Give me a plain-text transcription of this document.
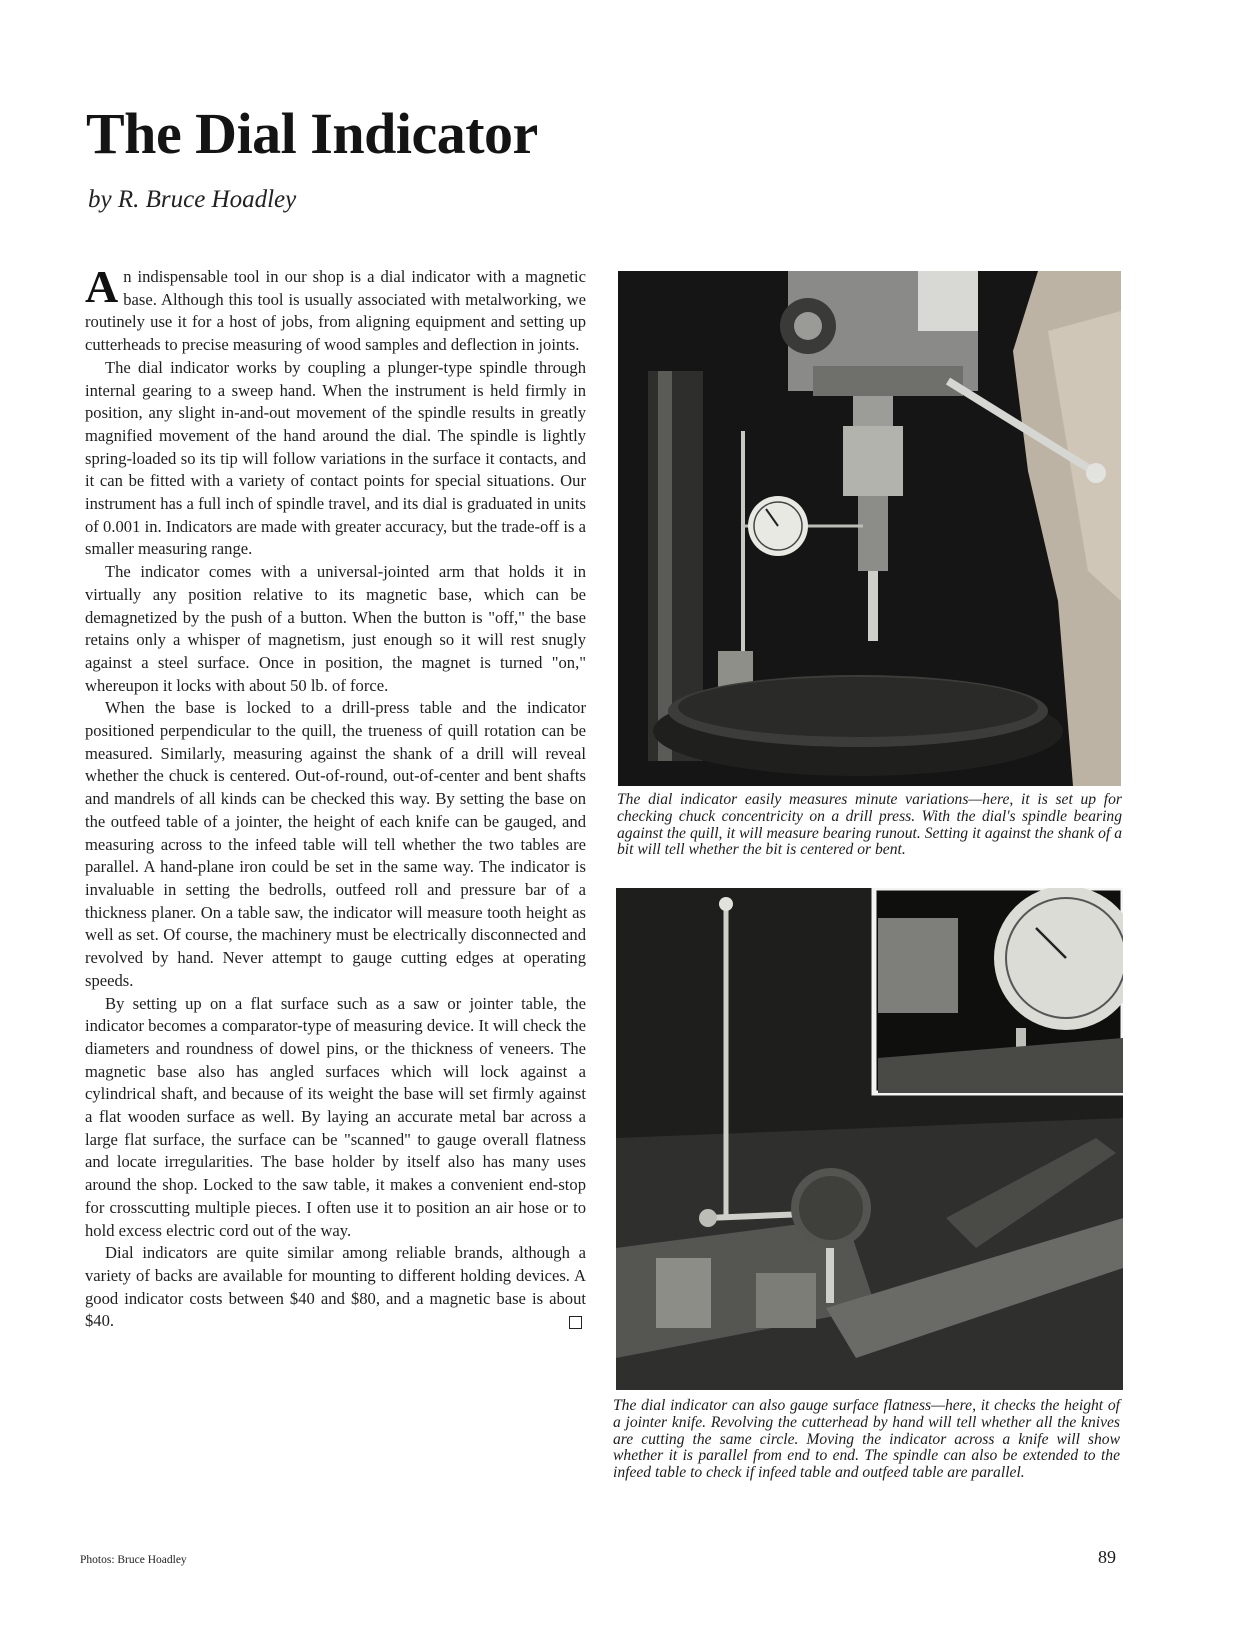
The Dial Indicator
by R. Bruce Hoadley

An indispensable tool in our shop is a dial indicator with a magnetic base. Although this tool is usually associated with metalworking, we routinely use it for a host of jobs, from aligning equipment and setting up cutterheads to precise measuring of wood samples and deflection in joints.

The dial indicator works by coupling a plunger-type spindle through internal gearing to a sweep hand. When the instrument is held firmly in position, any slight in-and-out movement of the spindle results in greatly magnified movement of the hand around the dial. The spindle is lightly spring-loaded so its tip will follow variations in the surface it contacts, and it can be fitted with a variety of contact points for special situations. Our instrument has a full inch of spindle travel, and its dial is graduated in units of 0.001 in. Indicators are made with greater accuracy, but the trade-off is a smaller measuring range.

The indicator comes with a universal-jointed arm that holds it in virtually any position relative to its magnetic base, which can be demagnetized by the push of a button. When the button is "off," the base retains only a whisper of magnetism, just enough so it will rest snugly against a steel surface. Once in position, the magnet is turned "on," whereupon it locks with about 50 lb. of force.

When the base is locked to a drill-press table and the indicator positioned perpendicular to the quill, the trueness of quill rotation can be measured. Similarly, measuring against the shank of a drill will reveal whether the chuck is centered. Out-of-round, out-of-center and bent shafts and mandrels of all kinds can be checked this way. By setting the base on the outfeed table of a jointer, the height of each knife can be gauged, and measuring across to the infeed table will tell whether the two tables are parallel. A hand-plane iron could be set in the same way. The indicator is invaluable in setting the bedrolls, outfeed roll and pressure bar of a thickness planer. On a table saw, the indicator will measure tooth height as well as set. Of course, the machinery must be electrically disconnected and revolved by hand. Never attempt to gauge cutting edges at operating speeds.

By setting up on a flat surface such as a saw or jointer table, the indicator becomes a comparator-type of measuring device. It will check the diameters and roundness of dowel pins, or the thickness of veneers. The magnetic base also has angled surfaces which will lock against a cylindrical shaft, and because of its weight the base will set firmly against a flat wooden surface as well. By laying an accurate metal bar across a large flat surface, the surface can be "scanned" to gauge overall flatness and locate irregularities. The base holder by itself also has many uses around the shop. Locked to the saw table, it makes a convenient end-stop for crosscutting multiple pieces. I often use it to position an air hose or to hold excess electric cord out of the way.

Dial indicators are quite similar among reliable brands, although a variety of backs are available for mounting to different holding devices. A good indicator costs between $40 and $80, and a magnetic base is about $40.

The dial indicator easily measures minute variations—here, it is set up for checking chuck concentricity on a drill press. With the dial's spindle bearing against the quill, it will measure bearing runout. Setting it against the shank of a bit will tell whether the bit is centered or bent.
The dial indicator can also gauge surface flatness—here, it checks the height of a jointer knife. Revolving the cutterhead by hand will tell whether all the knives are cutting the same circle. Moving the indicator across a knife will show whether it is parallel from end to end. The spindle can also be extended to the infeed table to check if infeed table and outfeed table are parallel.
Photos: Bruce Hoadley	89
